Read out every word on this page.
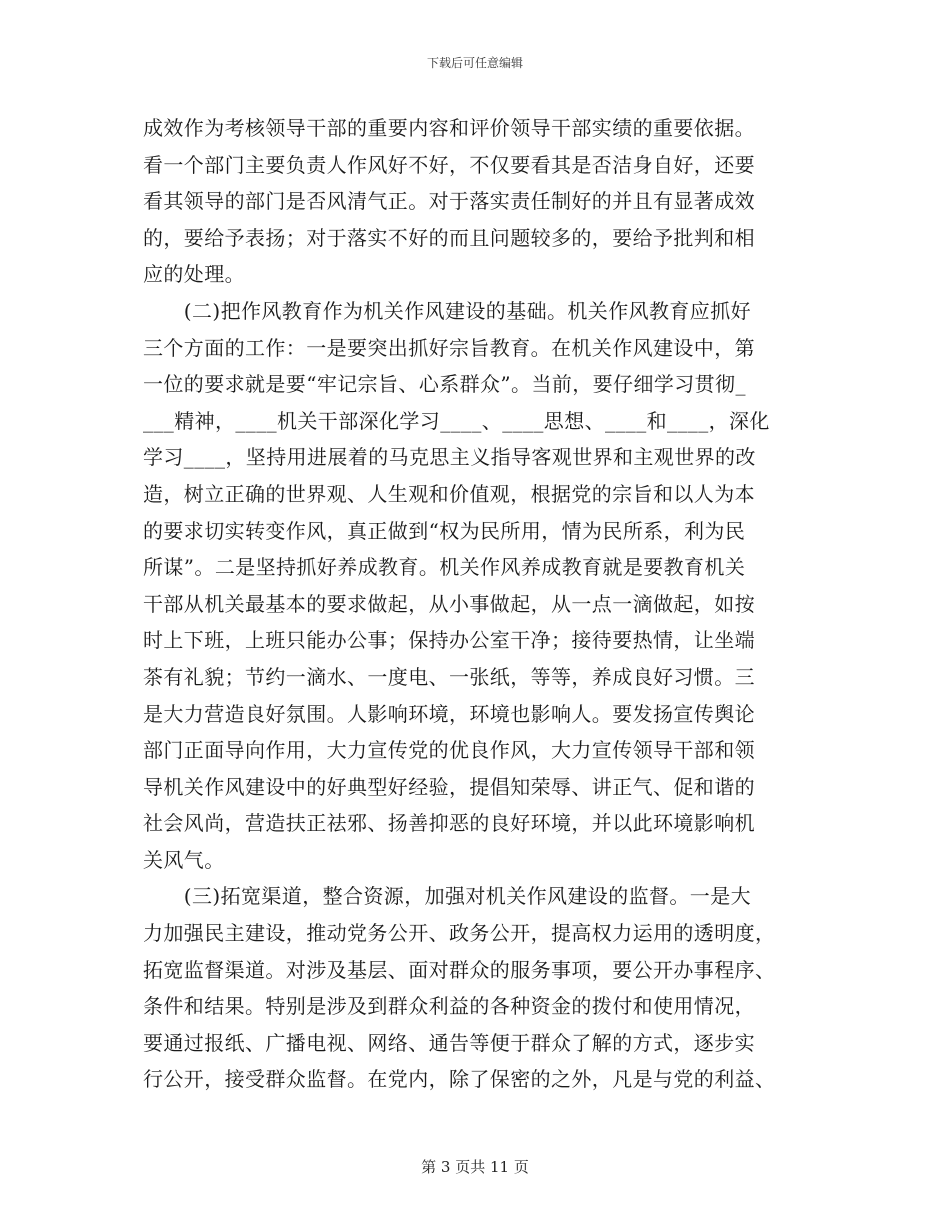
下载后可任意编辑
成效作为考核领导干部的重要内容和评价领导干部实绩的重要依据。
看一个部门主要负责人作风好不好，不仅要看其是否洁身自好，还要
看其领导的部门是否风清气正。对于落实责任制好的并且有显著成效
的，要给予表扬；对于落实不好的而且问题较多的，要给予批判和相
应的处理。
　　(二)把作风教育作为机关作风建设的基础。机关作风教育应抓好
三个方面的工作：一是要突出抓好宗旨教育。在机关作风建设中，第
一位的要求就是要“牢记宗旨、心系群众”。当前，要仔细学习贯彻_
___精神，____机关干部深化学习____、____思想、____和____，深化
学习____，坚持用进展着的马克思主义指导客观世界和主观世界的改
造，树立正确的世界观、人生观和价值观，根据党的宗旨和以人为本
的要求切实转变作风，真正做到“权为民所用，情为民所系，利为民
所谋”。二是坚持抓好养成教育。机关作风养成教育就是要教育机关
干部从机关最基本的要求做起，从小事做起，从一点一滴做起，如按
时上下班，上班只能办公事；保持办公室干净；接待要热情，让坐端
茶有礼貌；节约一滴水、一度电、一张纸，等等，养成良好习惯。三
是大力营造良好氛围。人影响环境，环境也影响人。要发扬宣传舆论
部门正面导向作用，大力宣传党的优良作风，大力宣传领导干部和领
导机关作风建设中的好典型好经验，提倡知荣辱、讲正气、促和谐的
社会风尚，营造扶正祛邪、扬善抑恶的良好环境，并以此环境影响机
关风气。
　　(三)拓宽渠道，整合资源，加强对机关作风建设的监督。一是大
力加强民主建设，推动党务公开、政务公开，提高权力运用的透明度，
拓宽监督渠道。对涉及基层、面对群众的服务事项，要公开办事程序、
条件和结果。特别是涉及到群众利益的各种资金的拨付和使用情况，
要通过报纸、广播电视、网络、通告等便于群众了解的方式，逐步实
行公开，接受群众监督。在党内，除了保密的之外，凡是与党的利益、
第 3 页共 11 页
